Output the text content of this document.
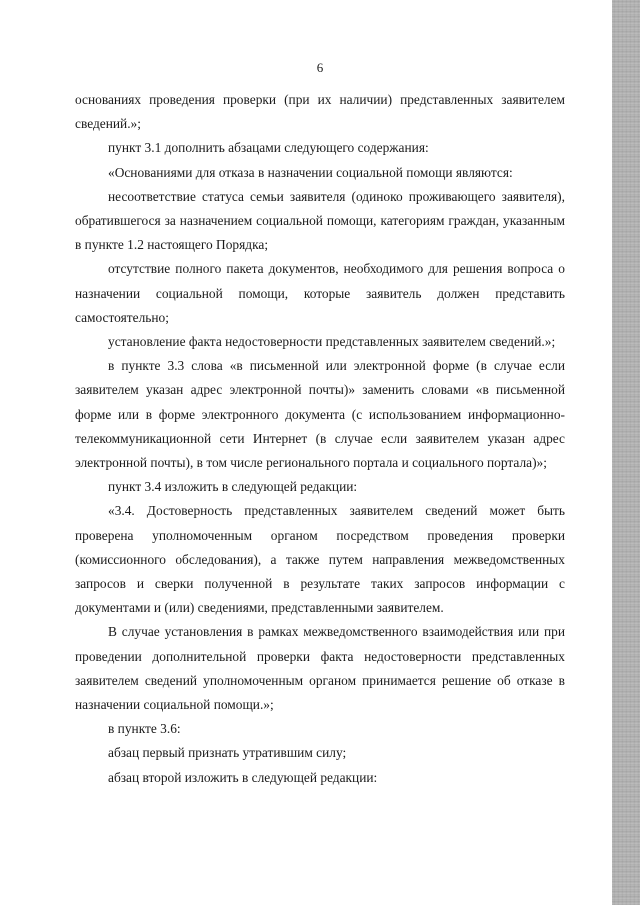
6

основаниях проведения проверки (при их наличии) представленных заявителем сведений.»;

пункт 3.1 дополнить абзацами следующего содержания:

«Основаниями для отказа в назначении социальной помощи являются:

несоответствие статуса семьи заявителя (одиноко проживающего заявителя), обратившегося за назначением социальной помощи, категориям граждан, указанным в пункте 1.2 настоящего Порядка;

отсутствие полного пакета документов, необходимого для решения вопроса о назначении социальной помощи, которые заявитель должен представить самостоятельно;

установление факта недостоверности представленных заявителем сведений.»;

в пункте 3.3 слова «в письменной или электронной форме (в случае если заявителем указан адрес электронной почты)» заменить словами «в письменной форме или в форме электронного документа (с использованием информационно-телекоммуникационной сети Интернет (в случае если заявителем указан адрес электронной почты), в том числе регионального портала и социального портала)»;

пункт 3.4 изложить в следующей редакции:

«3.4. Достоверность представленных заявителем сведений может быть проверена уполномоченным органом посредством проведения проверки (комиссионного обследования), а также путем направления межведомственных запросов и сверки полученной в результате таких запросов информации с документами и (или) сведениями, представленными заявителем.

В случае установления в рамках межведомственного взаимодействия или при проведении дополнительной проверки факта недостоверности представленных заявителем сведений уполномоченным органом принимается решение об отказе в назначении социальной помощи.»;

в пункте 3.6:

абзац первый признать утратившим силу;

абзац второй изложить в следующей редакции:
